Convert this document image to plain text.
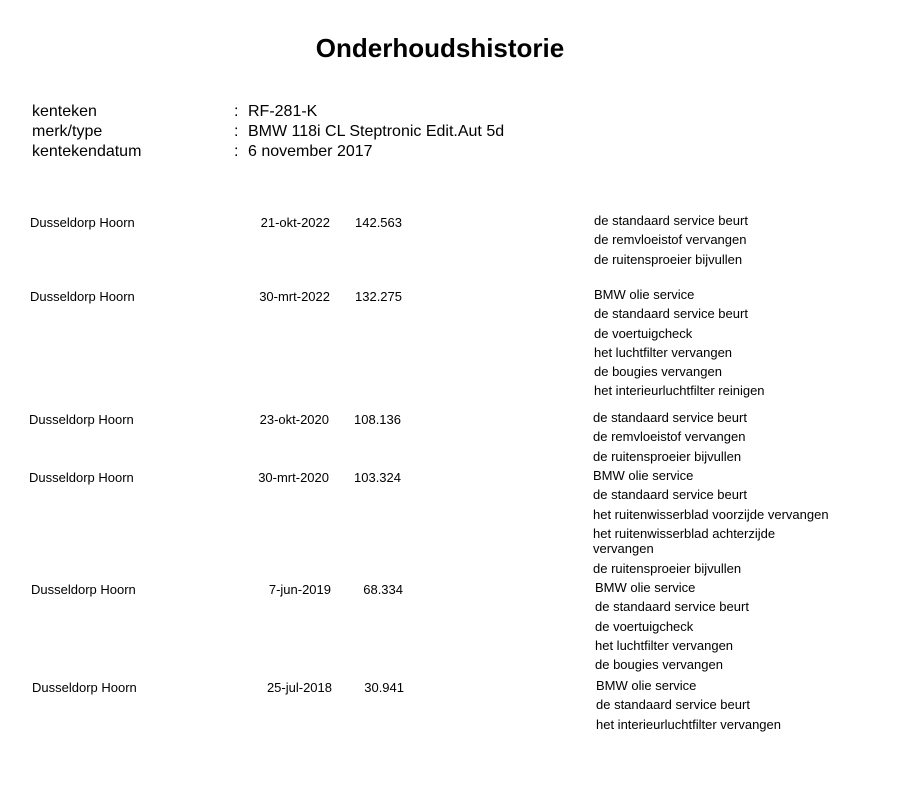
Onderhoudshistorie
kenteken	: RF-281-K
merk/type	: BMW 118i CL Steptronic Edit.Aut 5d
kentekendatum	: 6 november 2017
Dusseldorp Hoorn	21-okt-2022	142.563	de standaard service beurt
de remvloeistof vervangen
de ruitensproeier bijvullen
Dusseldorp Hoorn	30-mrt-2022	132.275	BMW olie service
de standaard service beurt
de voertuigcheck
het luchtfilter vervangen
de bougies vervangen
het interieurluchtfilter reinigen
Dusseldorp Hoorn	23-okt-2020	108.136	de standaard service beurt
de remvloeistof vervangen
de ruitensproeier bijvullen
Dusseldorp Hoorn	30-mrt-2020	103.324	BMW olie service
de standaard service beurt
het ruitenwisserblad voorzijde vervangen
het ruitenwisserblad achterzijde vervangen
de ruitensproeier bijvullen
Dusseldorp Hoorn	7-jun-2019	68.334	BMW olie service
de standaard service beurt
de voertuigcheck
het luchtfilter vervangen
de bougies vervangen
Dusseldorp Hoorn	25-jul-2018	30.941	BMW olie service
de standaard service beurt
het interieurluchtfilter vervangen
